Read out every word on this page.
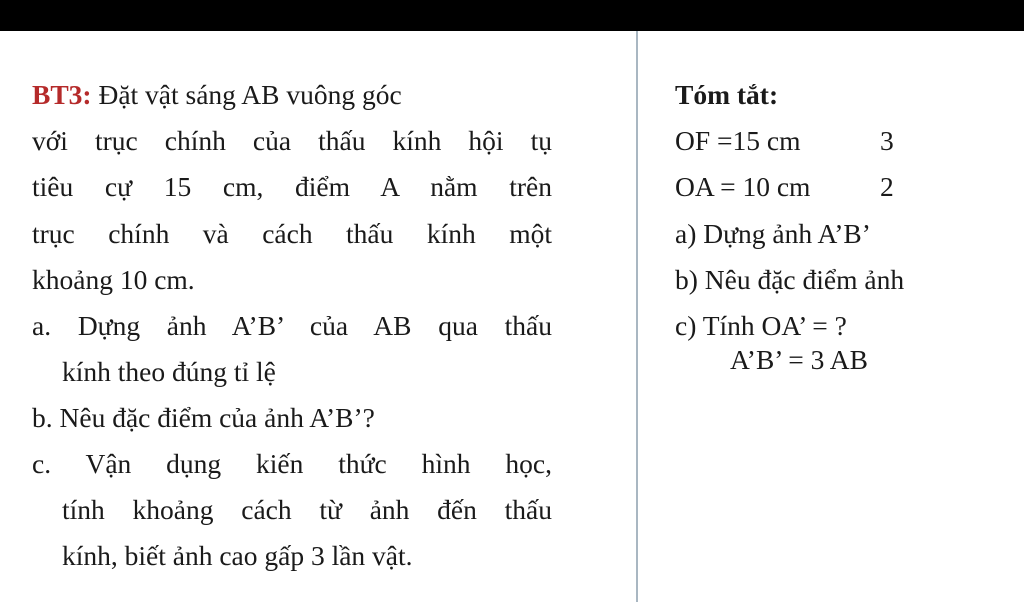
BT3: Đặt vật sáng AB vuông góc
với trục chính của thấu kính hội tụ
tiêu cự 15 cm, điểm A nằm trên
trục chính và cách thấu kính một
khoảng 10 cm.
a. Dựng ảnh A’B’ của AB qua thấu
kính theo đúng tỉ lệ
b. Nêu đặc điểm của ảnh A’B’?
c. Vận dụng kiến thức hình học,
tính khoảng cách từ ảnh đến thấu
kính, biết ảnh cao gấp 3 lần vật.
Tóm tắt:
OF =15 cm	3
OA = 10 cm	2
a) Dựng ảnh A’B’
b) Nêu đặc điểm ảnh
c) Tính OA’ = ?
A’B’ = 3 AB
